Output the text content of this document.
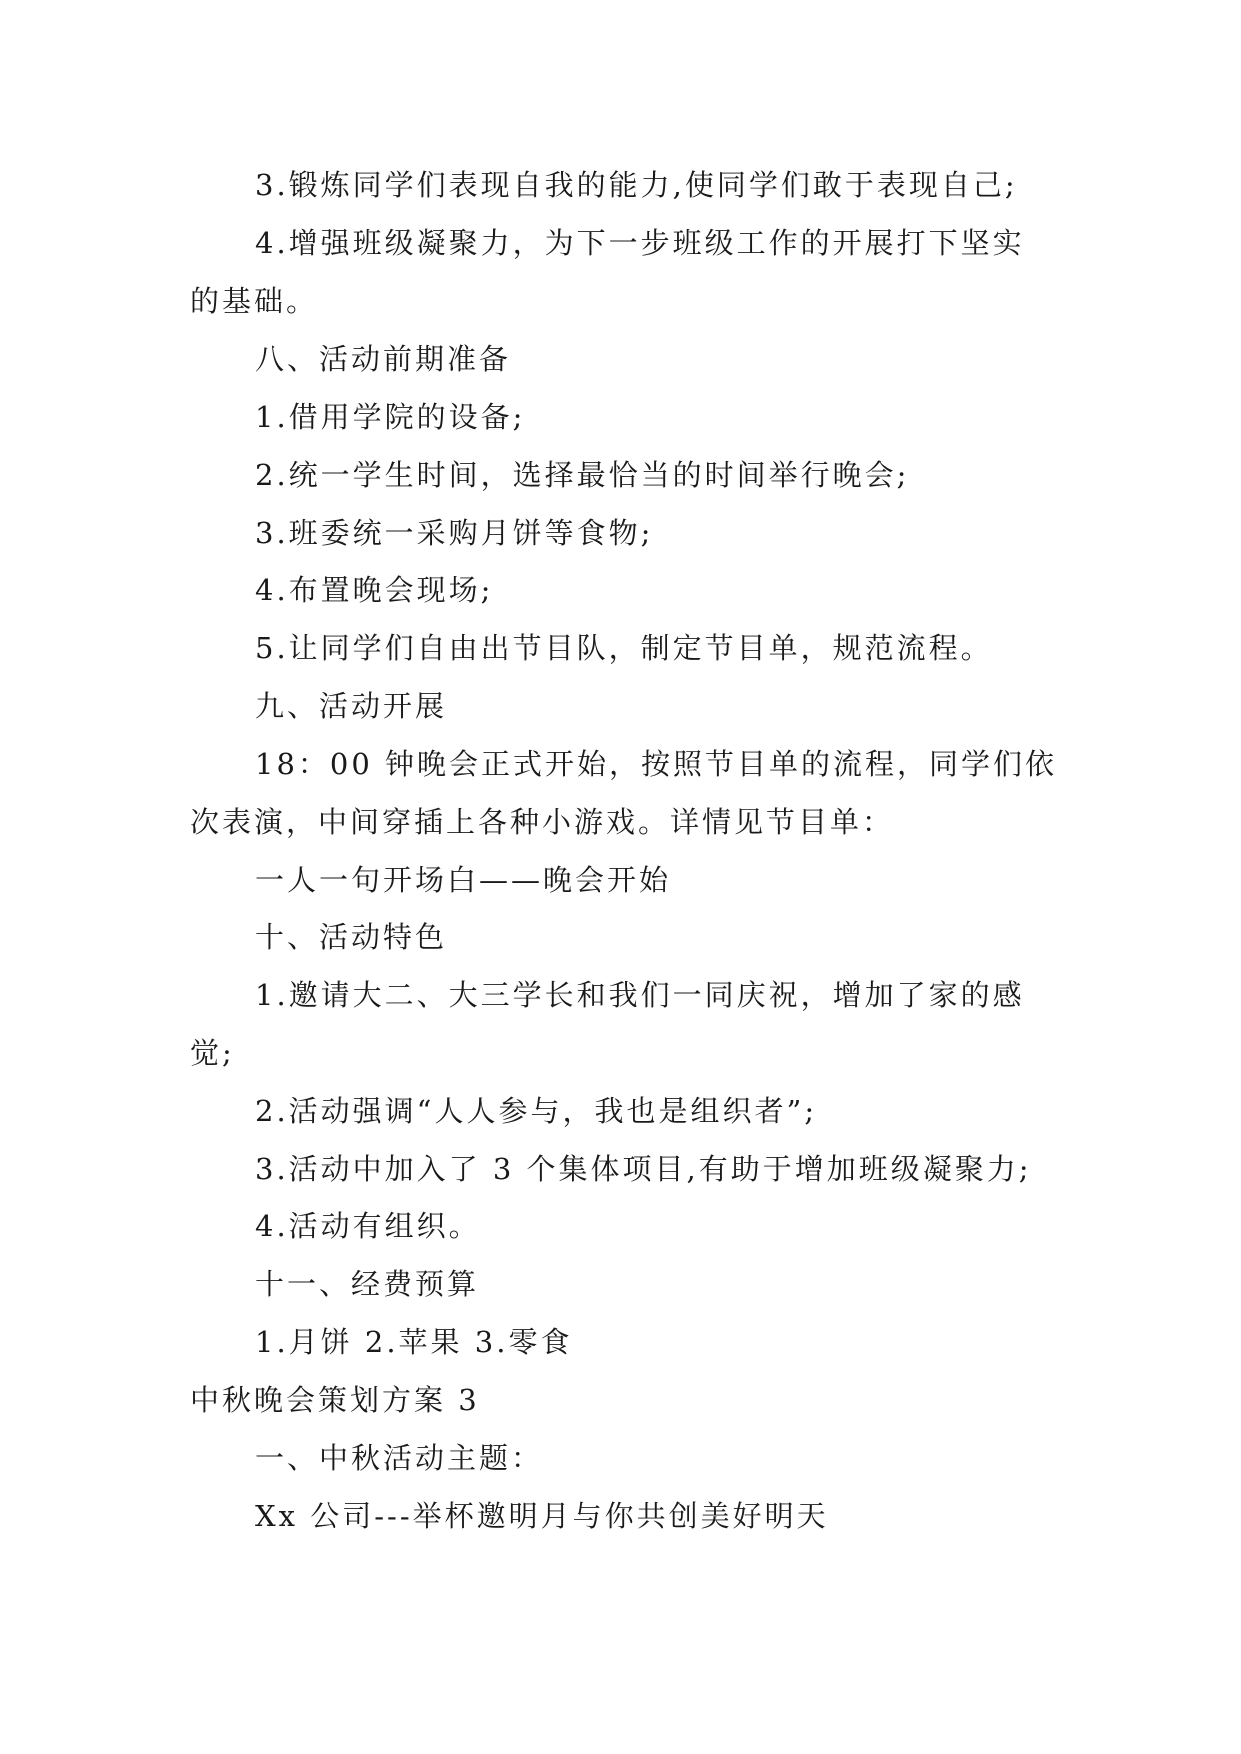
3.锻炼同学们表现自我的能力,使同学们敢于表现自己;

4.增强班级凝聚力，为下一步班级工作的开展打下坚实

的基础。

八、活动前期准备

1.借用学院的设备;

2.统一学生时间，选择最恰当的时间举行晚会;

3.班委统一采购月饼等食物;

4.布置晚会现场;

5.让同学们自由出节目队，制定节目单，规范流程。

九、活动开展

18：00 钟晚会正式开始，按照节目单的流程，同学们依

次表演，中间穿插上各种小游戏。详情见节目单：

一人一句开场白——晚会开始

十、活动特色

1.邀请大二、大三学长和我们一同庆祝，增加了家的感

觉;

2.活动强调“人人参与，我也是组织者”;

3.活动中加入了 3 个集体项目,有助于增加班级凝聚力;

4.活动有组织。

十一、经费预算

1.月饼 2.苹果 3.零食

中秋晚会策划方案 3

一、中秋活动主题：

Xx 公司---举杯邀明月与你共创美好明天
